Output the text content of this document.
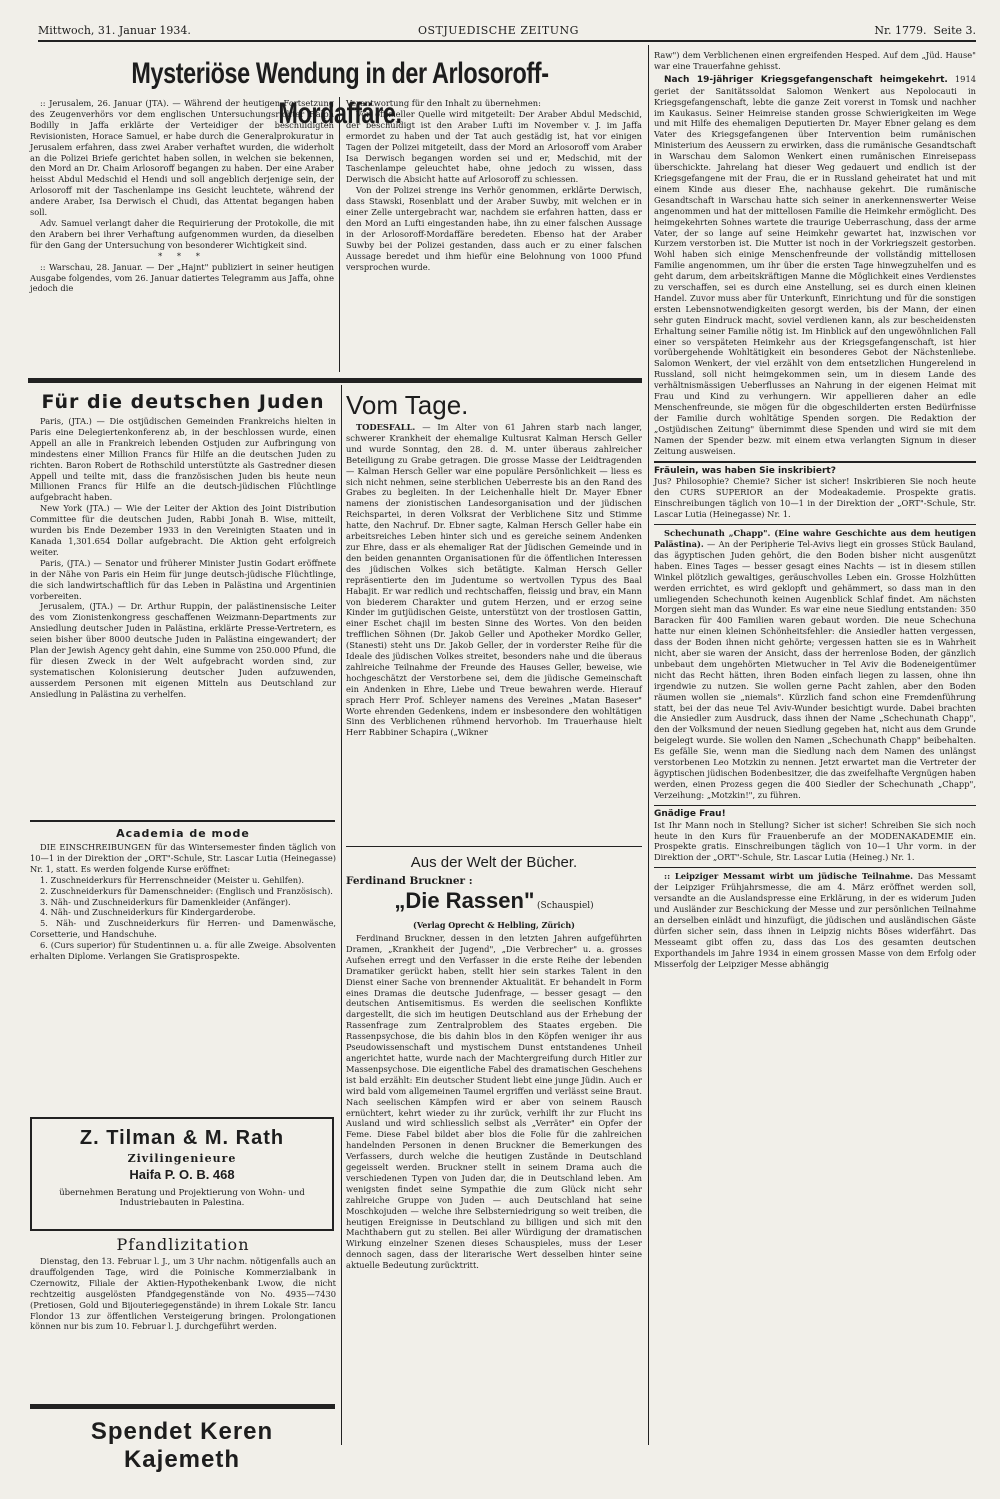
Mittwoch, 31. Januar 1934.	OSTJUEDISCHE ZEITUNG	Nr. 1779. Seite 3.
Mysteriöse Wendung in der Arlosoroff-Mordaffäre.

:: Jerusalem, 26. Januar (JTA). — Während der heutigen Fortsetzung des Zeugenverhörs vor dem englischen Untersuchungsrichter Ralph Bodilly in Jaffa erklärte der Verteidiger der beschuldigten Revisionisten, Horace Samuel, er habe durch die Generalprokuratur in Jerusalem erfahren, dass zwei Araber verhaftet wurden, die widerholt an die Polizei Briefe gerichtet haben sollen, in welchen sie bekennen, den Mord an Dr. Chaim Arlosoroff begangen zu haben. Der eine Araber heisst Abdul Medschid el Hendi und soll angeblich derjenige sein, der Arlosoroff mit der Taschenlampe ins Gesicht leuchtete, während der andere Araber, Isa Derwisch el Chudi, das Attentat begangen haben soll.

Adv. Samuel verlangt daher die Requirierung der Protokolle, die mit den Arabern bei ihrer Verhaftung aufgenommen wurden, da dieselben für den Gang der Untersuchung von besonderer Wichtigkeit sind.

* * *

:: Warschau, 28. Januar. — Der „Hajnt" publiziert in seiner heutigen Ausgabe folgendes, vom 26. Januar datiertes Telegramm aus Jaffa, ohne jedoch die

Verantwortung für den Inhalt zu übernehmen:

Von offizieller Quelle wird mitgeteilt: Der Araber Abdul Medschid, der beschuldigt ist den Araber Lufti im November v. J. im Jaffa ermordet zu haben und der Tat auch gestädig ist, hat vor einigen Tagen der Polizei mitgeteilt, dass der Mord an Arlosoroff vom Araber Isa Derwisch begangen worden sei und er, Medschid, mit der Taschenlampe geleuchtet habe, ohne jedoch zu wissen, dass Derwisch die Absicht hatte auf Arlosoroff zu schiessen.

Von der Polizei strenge ins Verhör genommen, erklärte Derwisch, dass Stawski, Rosenblatt und der Araber Suwby, mit welchen er in einer Zelle untergebracht war, nachdem sie erfahren hatten, dass er den Mord an Lufti eingestanden habe, ihn zu einer falschen Aussage in der Arlosoroff-Mordaffäre beredeten. Ebenso hat der Araber Suwby bei der Polizei gestanden, dass auch er zu einer falschen Aussage beredet und ihm hiefür eine Belohnung von 1000 Pfund versprochen wurde.

Für die deutschen Juden

Paris, (JTA.) — Die ostjüdischen Gemeinden Frankreichs hielten in Paris eine Delegiertenkonferenz ab, in der beschlossen wurde, einen Appell an alle in Frankreich lebenden Ostjuden zur Aufbringung von mindestens einer Million Francs für Hilfe an die deutschen Juden zu richten. Baron Robert de Rothschild unterstützte als Gastredner diesen Appell und teilte mit, dass die französischen Juden bis heute neun Millionen Francs für Hilfe an die deutsch-jüdischen Flüchtlinge aufgebracht haben.

New York (JTA.) — Wie der Leiter der Aktion des Joint Distribution Committee für die deutschen Juden, Rabbi Jonah B. Wise, mitteilt, wurden bis Ende Dezember 1933 in den Vereinigten Staaten und in Kanada 1,301.654 Dollar aufgebracht. Die Aktion geht erfolgreich weiter.

Paris, (JTA.) — Senator und früherer Minister Justin Godart eröffnete in der Nähe von Paris ein Heim für junge deutsch-jüdische Flüchtlinge, die sich landwirtschaftlich für das Leben in Palästina und Argentinien vorbereiten.

Jerusalem, (JTA.) — Dr. Arthur Ruppin, der palästinensische Leiter des vom Zionistenkongress geschaffenen Weizmann-Departments zur Ansiedlung deutscher Juden in Palästina, erklärte Presse-Vertretern, es seien bisher über 8000 deutsche Juden in Palästina eingewandert; der Plan der Jewish Agency geht dahin, eine Summe von 250.000 Pfund, die für diesen Zweck in der Welt aufgebracht worden sind, zur systematischen Kolonisierung deutscher Juden aufzuwenden, ausserdem Personen mit eigenen Mitteln aus Deutschland zur Ansiedlung in Palästina zu verhelfen.

Academia de mode

DIE EINSCHREIBUNGEN für das Wintersemester finden täglich von 10—1 in der Direktion der „ORT"-Schule, Str. Lascar Lutia (Heinegasse) Nr. 1, statt. Es werden folgende Kurse eröffnet:

1. Zuschneiderkurs für Herrenschneider (Meister u. Gehilfen).

2. Zuschneiderkurs für Damenschneider: (Englisch und Französisch).

3. Näh- und Zuschneiderkurs für Damenkleider (Anfänger).

4. Näh- und Zuschneiderkurs für Kindergarderobe.

5. Näh- und Zuschneiderkurs für Herren- und Damenwäsche, Corsetterie, und Handschuhe.

6. (Curs superior) für Studentinnen u. a. für alle Zweige. Absolventen erhalten Diplome. Verlangen Sie Gratisprospekte.

Z. Tilman & M. Rath
Zivilingenieure
Haifa P. O. B. 468
übernehmen Beratung und Projektierung von Wohn- und Industriebauten in Palestina.
Pfandlizitation

Dienstag, den 13. Februar l. J., um 3 Uhr nachm. nötigenfalls auch an drauffolgenden Tage, wird die Poinische Kommerzialbank in Czernowitz, Filiale der Aktien-Hypothekenbank Lwow, die nicht rechtzeitig ausgelösten Pfandgegenstände von No. 4935—7430 (Pretiosen, Gold und Bijouteriegegenstände) in ihrem Lokale Str. Iancu Flondor 13 zur öffentlichen Versteigerung bringen. Prolongationen können nur bis zum 10. Februar l. J. durchgeführt werden.

Spendet Keren Kajemeth
Vom Tage.

TODESFALL. — Im Alter von 61 Jahren starb nach langer, schwerer Krankheit der ehemalige Kultusrat Kalman Hersch Geller und wurde Sonntag, den 28. d. M. unter überaus zahlreicher Beteiligung zu Grabe getragen. Die grosse Masse der Leidtragenden — Kalman Hersch Geller war eine populäre Persönlichkeit — liess es sich nicht nehmen, seine sterblichen Ueberreste bis an den Rand des Grabes zu begleiten. In der Leichenhalle hielt Dr. Mayer Ebner namens der zionistischen Landesorganisation und der jüdischen Reichspartei, in deren Volksrat der Verblichene Sitz und Stimme hatte, den Nachruf. Dr. Ebner sagte, Kalman Hersch Geller habe ein arbeitsreiches Leben hinter sich und es gereiche seinem Andenken zur Ehre, dass er als ehemaliger Rat der Jüdischen Gemeinde und in den beiden genannten Organisationen für die öffentlichen Interessen des jüdischen Volkes sich betätigte. Kalman Hersch Geller repräsentierte den im Judentume so wertvollen Typus des Baal Habajit. Er war redlich und rechtschaffen, fleissig und brav, ein Mann von biederem Charakter und gutem Herzen, und er erzog seine Kinder im gutjüdischen Geiste, unterstützt von der trostlosen Gattin, einer Eschet chajil im besten Sinne des Wortes. Von den beiden trefflichen Söhnen (Dr. Jakob Geller und Apotheker Mordko Geller, (Stanesti) steht uns Dr. Jakob Geller, der in vorderster Reihe für die Ideale des jüdischen Volkes streitet, besonders nahe und die überaus zahlreiche Teilnahme der Freunde des Hauses Geller, beweise, wie hochgeschätzt der Verstorbene sei, dem die jüdische Gemeinschaft ein Andenken in Ehre, Liebe und Treue bewahren werde. Hierauf sprach Herr Prof. Schleyer namens des Vereines „Matan Baseser" Worte ehrenden Gedenkens, indem er insbesondere den wohltätigen Sinn des Verblichenen rühmend hervorhob. Im Trauerhause hielt Herr Rabbiner Schapira („Wikner

Aus der Welt der Bücher.
Ferdinand Bruckner :
„Die Rassen" (Schauspiel)
(Verlag Oprecht & Helbling, Zürich)

Ferdinand Bruckner, dessen in den letzten Jahren aufgeführten Dramen, „Krankheit der Jugend", „Die Verbrecher" u. a. grosses Aufsehen erregt und den Verfasser in die erste Reihe der lebenden Dramatiker gerückt haben, stellt hier sein starkes Talent in den Dienst einer Sache von brennender Aktualität. Er behandelt in Form eines Dramas die deutsche Judenfrage, — besser gesagt — den deutschen Antisemitismus. Es werden die seelischen Konflikte dargestellt, die sich im heutigen Deutschland aus der Erhebung der Rassenfrage zum Zentralproblem des Staates ergeben. Die Rassenpsychose, die bis dahin blos in den Köpfen weniger ihr aus Pseudowissenschaft und mystischem Dunst entstandenes Unheil angerichtet hatte, wurde nach der Machtergreifung durch Hitler zur Massenpsychose. Die eigentliche Fabel des dramatischen Geschehens ist bald erzählt: Ein deutscher Student liebt eine junge Jüdin. Auch er wird bald vom allgemeinen Taumel ergriffen und verlässt seine Braut. Nach seelischen Kämpfen wird er aber von seinem Rausch ernüchtert, kehrt wieder zu ihr zurück, verhilft ihr zur Flucht ins Ausland und wird schliesslich selbst als „Verräter" ein Opfer der Feme. Diese Fabel bildet aber blos die Folie für die zahlreichen handelnden Personen in denen Bruckner die Bemerkungen des Verfassers, durch welche die heutigen Zustände in Deutschland gegeisselt werden. Bruckner stellt in seinem Drama auch die verschiedenen Typen von Juden dar, die in Deutschland leben. Am wenigsten findet seine Sympathie die zum Glück nicht sehr zahlreiche Gruppe von Juden — auch Deutschland hat seine Moschkojuden — welche ihre Selbsterniedrigung so weit treiben, die heutigen Ereignisse in Deutschland zu billigen und sich mit den Machthabern gut zu stellen. Bei aller Würdigung der dramatischen Wirkung einzelner Szenen dieses Schauspieles, muss der Leser dennoch sagen, dass der literarische Wert desselben hinter seine aktuelle Bedeutung zurücktritt.

Raw") dem Verblichenen einen ergreifenden Hesped. Auf dem „Jüd. Hause" war eine Trauerfahne gehisst.

Nach 19-jähriger Kriegsgefangenschaft heimgekehrt. 1914 geriet der Sanitätssoldat Salomon Wenkert aus Nepolocauti in Kriegsgefangenschaft, lebte die ganze Zeit vorerst in Tomsk und nachher im Kaukasus. Seiner Heimreise standen grosse Schwierigkeiten im Wege und mit Hilfe des ehemaligen Deputierten Dr. Mayer Ebner gelang es dem Vater des Kriegsgefangenen über Intervention beim rumänischen Ministerium des Aeussern zu erwirken, dass die rumänische Gesandtschaft in Warschau dem Salomon Wenkert einen rumänischen Einreisepass überschickte. Jahrelang hat dieser Weg gedauert und endlich ist der Kriegsgefangene mit der Frau, die er in Russland geheiratet hat und mit einem Kinde aus dieser Ehe, nachhause gekehrt. Die rumänische Gesandtschaft in Warschau hatte sich seiner in anerkennenswerter Weise angenommen und hat der mittellosen Familie die Heimkehr ermöglicht. Des heimgekehrten Sohnes wartete die traurige Ueberraschung, dass der arme Vater, der so lange auf seine Heimkehr gewartet hat, inzwischen vor Kurzem verstorben ist. Die Mutter ist noch in der Vorkriegszeit gestorben. Wohl haben sich einige Menschenfreunde der vollständig mittellosen Familie angenommen, um ihr über die ersten Tage hinwegzuhelfen und es geht darum, dem arbeitskräftigen Manne die Möglichkeit eines Verdienstes zu verschaffen, sei es durch eine Anstellung, sei es durch einen kleinen Handel. Zuvor muss aber für Unterkunft, Einrichtung und für die sonstigen ersten Lebensnotwendigkeiten gesorgt werden, bis der Mann, der einen sehr guten Eindruck macht, soviel verdienen kann, als zur bescheidensten Erhaltung seiner Familie nötig ist. Im Hinblick auf den ungewöhnlichen Fall einer so verspäteten Heimkehr aus der Kriegsgefangenschaft, ist hier vorübergehende Wohltätigkeit ein besonderes Gebot der Nächstenliebe. Salomon Wenkert, der viel erzählt von dem entsetzlichen Hungerelend in Russland, soll nicht heimgekommen sein, um in diesem Lande des verhältnismässigen Ueberflusses an Nahrung in der eigenen Heimat mit Frau und Kind zu verhungern. Wir appellieren daher an edle Menschenfreunde, sie mögen für die obgeschilderten ersten Bedürfnisse der Familie durch wohltätige Spenden sorgen. Die Redaktion der „Ostjüdischen Zeitung" übernimmt diese Spenden und wird sie mit dem Namen der Spender bezw. mit einem etwa verlangten Signum in dieser Zeitung ausweisen.

Fräulein, was haben Sie inskribiert?

Jus? Philosophie? Chemie? Sicher ist sicher! Inskribieren Sie noch heute den CURS SUPERIOR an der Modeakademie. Prospekte gratis. Einschreibungen täglich von 10—1 in der Direktion der „ORT"-Schule, Str. Lascar Lutia (Heinegasse) Nr. 1.

Schechunath „Chapp". (Eine wahre Geschichte aus dem heutigen Palästina). — An der Peripherie Tel-Avivs liegt ein grosses Stück Bauland, das ägyptischen Juden gehört, die den Boden bisher nicht ausgenützt haben. Eines Tages — besser gesagt eines Nachts — ist in diesem stillen Winkel plötzlich gewaltiges, geräuschvolles Leben ein. Grosse Holzhütten werden errichtet, es wird geklopft und gehämmert, so dass man in den umliegenden Schechunoth keinen Augenblick Schlaf findet. Am nächsten Morgen sieht man das Wunder. Es war eine neue Siedlung entstanden: 350 Baracken für 400 Familien waren gebaut worden. Die neue Schechuna hatte nur einen kleinen Schönheitsfehler: die Ansiedler hatten vergessen, dass der Boden ihnen nicht gehörte; vergessen hatten sie es in Wahrheit nicht, aber sie waren der Ansicht, dass der herrenlose Boden, der gänzlich unbebaut dem ungehörten Mietwucher in Tel Aviv die Bodeneigentümer nicht das Recht hätten, ihren Boden einfach liegen zu lassen, ohne ihn irgendwie zu nutzen. Sie wollen gerne Pacht zahlen, aber den Boden räumen wollen sie „niemals". Kürzlich fand schon eine Fremdenführung statt, bei der das neue Tel Aviv-Wunder besichtigt wurde. Dabei brachten die Ansiedler zum Ausdruck, dass ihnen der Name „Schechunath Chapp", den der Volksmund der neuen Siedlung gegeben hat, nicht aus dem Grunde beigelegt wurde. Sie wollen den Namen „Schechunath Chapp" beibehalten. Es gefälle Sie, wenn man die Siedlung nach dem Namen des unlängst verstorbenen Leo Motzkin zu nennen. Jetzt erwartet man die Vertreter der ägyptischen jüdischen Bodenbesitzer, die das zweifelhafte Vergnügen haben werden, einen Prozess gegen die 400 Siedler der Schechunath „Chapp", Verzeihung: „Motzkin!", zu führen.

Gnädige Frau!

Ist Ihr Mann noch in Stellung? Sicher ist sicher! Schreiben Sie sich noch heute in den Kurs für Frauenberufe an der MODENAKADEMIE ein. Prospekte gratis. Einschreibungen täglich von 10—1 Uhr vorm. in der Direktion der „ORT"-Schule, Str. Lascar Lutia (Heineg.) Nr. 1.

:: Leipziger Messamt wirbt um jüdische Teilnahme. Das Messamt der Leipziger Frühjahrsmesse, die am 4. März eröffnet werden soll, versandte an die Auslandspresse eine Erklärung, in der es widerum Juden und Ausländer zur Beschickung der Messe und zur persönlichen Teilnahme an derselben einlädt und hinzufügt, die jüdischen und ausländischen Gäste dürfen sicher sein, dass ihnen in Leipzig nichts Böses widerfährt. Das Messeamt gibt offen zu, dass das Los des gesamten deutschen Exporthandels im Jahre 1934 in einem grossen Masse von dem Erfolg oder Misserfolg der Leipziger Messe abhängig
